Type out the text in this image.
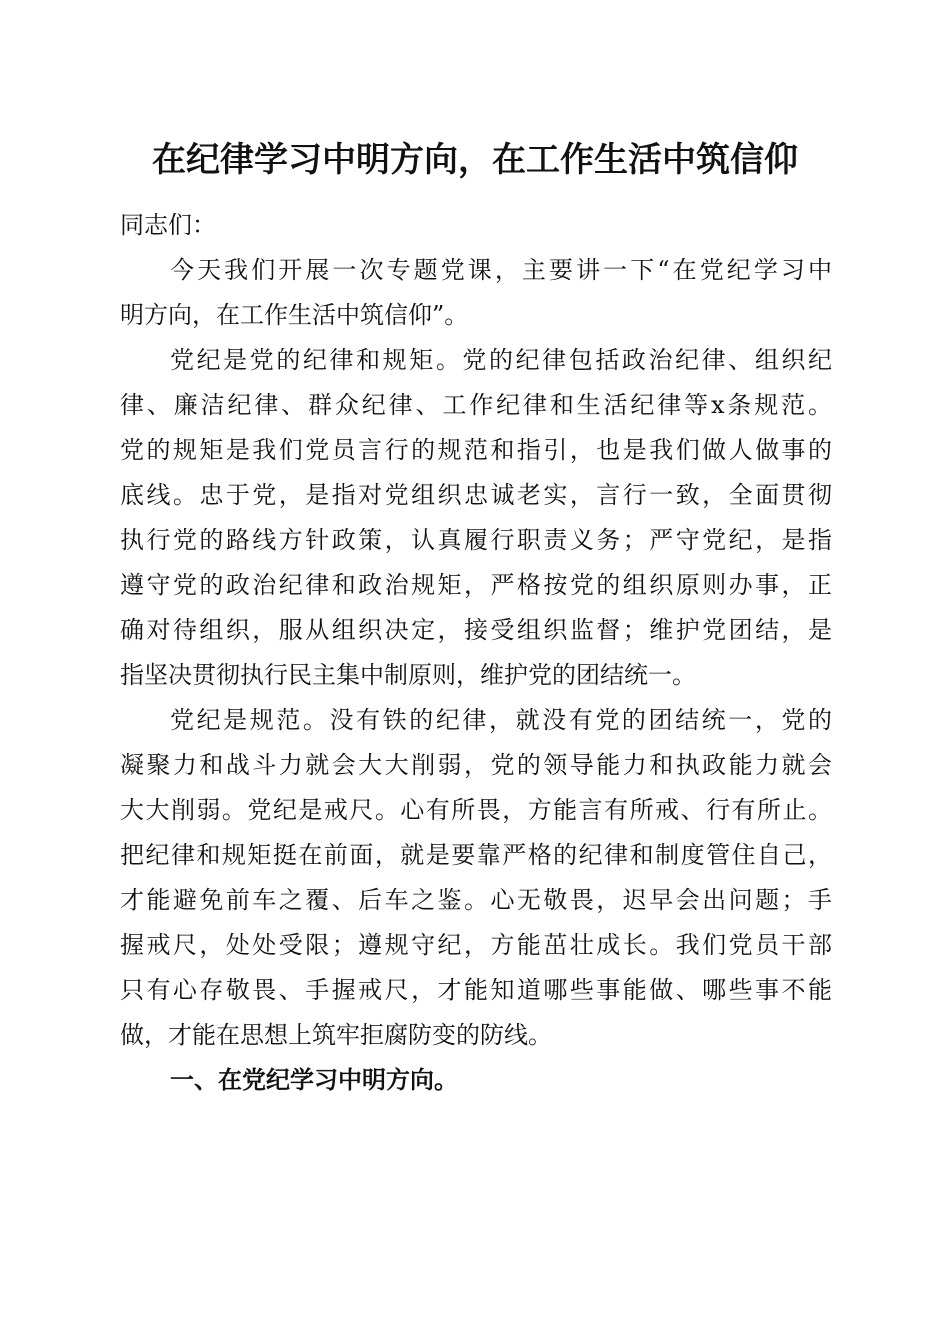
在纪律学习中明方向，在工作生活中筑信仰
同志们：
今天我们开展一次专题党课，主要讲一下“在党纪学习中
明方向，在工作生活中筑信仰”。
党纪是党的纪律和规矩。党的纪律包括政治纪律、组织纪
律、廉洁纪律、群众纪律、工作纪律和生活纪律等x条规范。
党的规矩是我们党员言行的规范和指引，也是我们做人做事的
底线。忠于党，是指对党组织忠诚老实，言行一致，全面贯彻
执行党的路线方针政策，认真履行职责义务；严守党纪，是指
遵守党的政治纪律和政治规矩，严格按党的组织原则办事，正
确对待组织，服从组织决定，接受组织监督；维护党团结，是
指坚决贯彻执行民主集中制原则，维护党的团结统一。
党纪是规范。没有铁的纪律，就没有党的团结统一，党的
凝聚力和战斗力就会大大削弱，党的领导能力和执政能力就会
大大削弱。党纪是戒尺。心有所畏，方能言有所戒、行有所止。
把纪律和规矩挺在前面，就是要靠严格的纪律和制度管住自己，
才能避免前车之覆、后车之鉴。心无敬畏，迟早会出问题；手
握戒尺，处处受限；遵规守纪，方能茁壮成长。我们党员干部
只有心存敬畏、手握戒尺，才能知道哪些事能做、哪些事不能
做，才能在思想上筑牢拒腐防变的防线。
一、在党纪学习中明方向。
